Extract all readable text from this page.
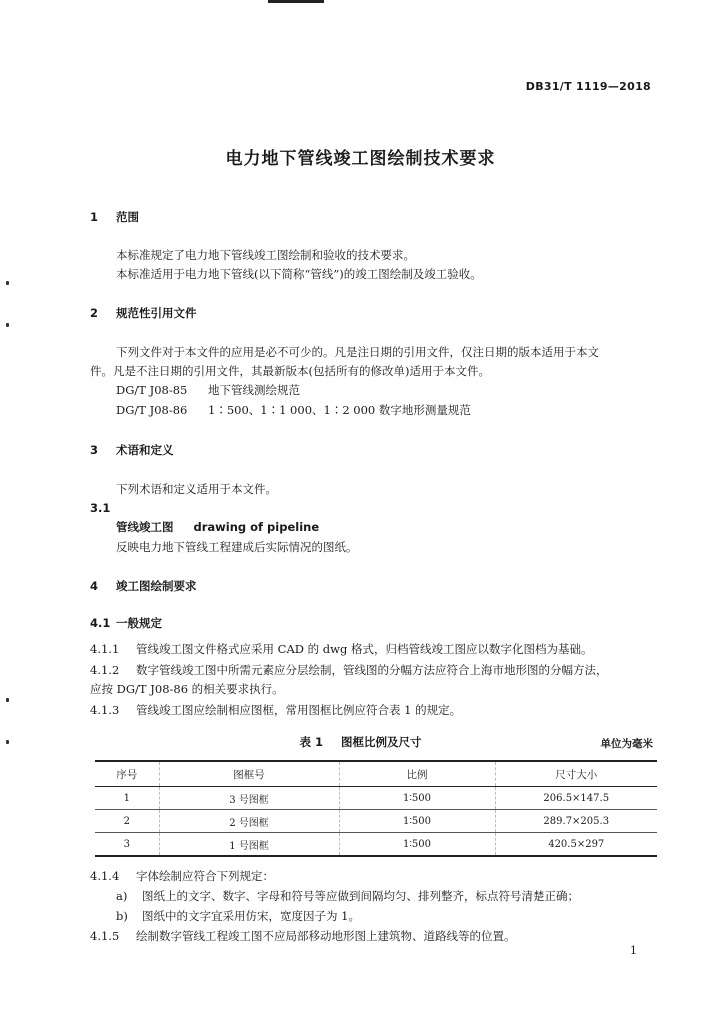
DB31/T 1119—2018
电力地下管线竣工图绘制技术要求
1 范围
本标准规定了电力地下管线竣工图绘制和验收的技术要求。
本标准适用于电力地下管线(以下简称“管线”)的竣工图绘制及竣工验收。
2 规范性引用文件
下列文件对于本文件的应用是必不可少的。凡是注日期的引用文件，仅注日期的版本适用于本文
件。凡是不注日期的引用文件，其最新版本(包括所有的修改单)适用于本文件。
DG/T J08-85 地下管线测绘规范
DG/T J08-86 1∶500、1∶1 000、1∶2 000 数字地形测量规范
3 术语和定义
下列术语和定义适用于本文件。
3.1
管线竣工图 drawing of pipeline
反映电力地下管线工程建成后实际情况的图纸。
4 竣工图绘制要求
4.1 一般规定
4.1.1 管线竣工图文件格式应采用 CAD 的 dwg 格式，归档管线竣工图应以数字化图档为基础。
4.1.2 数字管线竣工图中所需元素应分层绘制，管线图的分幅方法应符合上海市地形图的分幅方法，
应按 DG/T J08-86 的相关要求执行。
4.1.3 管线竣工图应绘制相应图框，常用图框比例应符合表 1 的规定。
表 1 图框比例及尺寸	单位为毫米
序号	图框号	比例	尺寸大小
1	3 号图框	1∶500	206.5×147.5
2	2 号图框	1∶500	289.7×205.3
3	1 号图框	1∶500	420.5×297
4.1.4 字体绘制应符合下列规定：
a) 图纸上的文字、数字、字母和符号等应做到间隔均匀、排列整齐，标点符号清楚正确；
b) 图纸中的文字宜采用仿宋，宽度因子为 1。
4.1.5 绘制数字管线工程竣工图不应局部移动地形图上建筑物、道路线等的位置。
1
